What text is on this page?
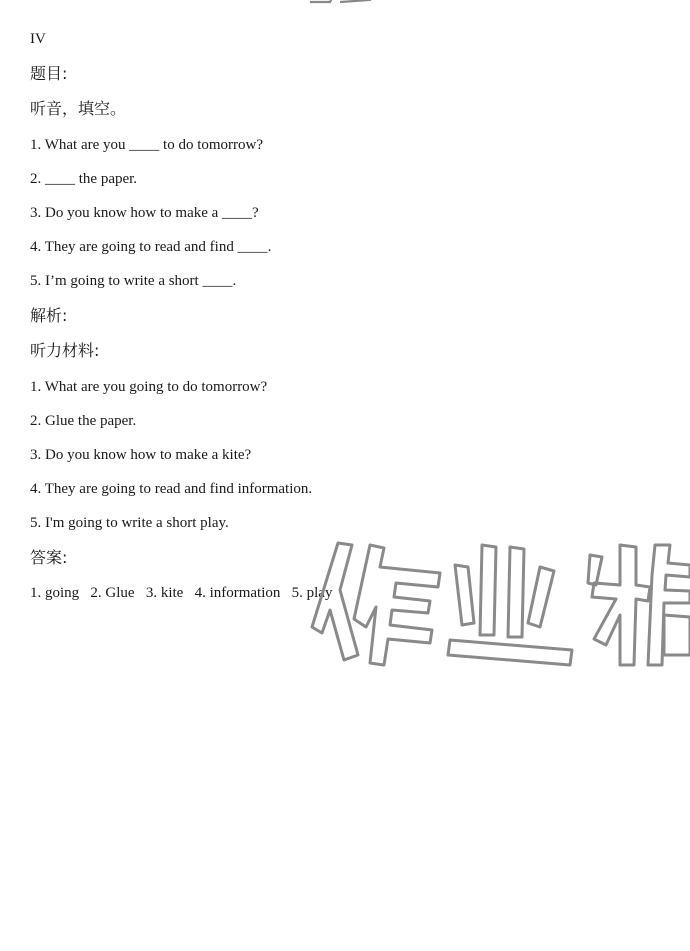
IV
题目:
听音，填空。
1. What are you ____ to do tomorrow?
2. ____ the paper.
3. Do you know how to make a ____?
4. They are going to read and find ____.
5. I’m going to write a short ____.
解析:
听力材料:
1. What are you going to do tomorrow?
2. Glue the paper.
3. Do you know how to make a kite?
4. They are going to read and find information.
5. I'm going to write a short play.
答案:
1. going   2. Glue   3. kite   4. information   5. play
